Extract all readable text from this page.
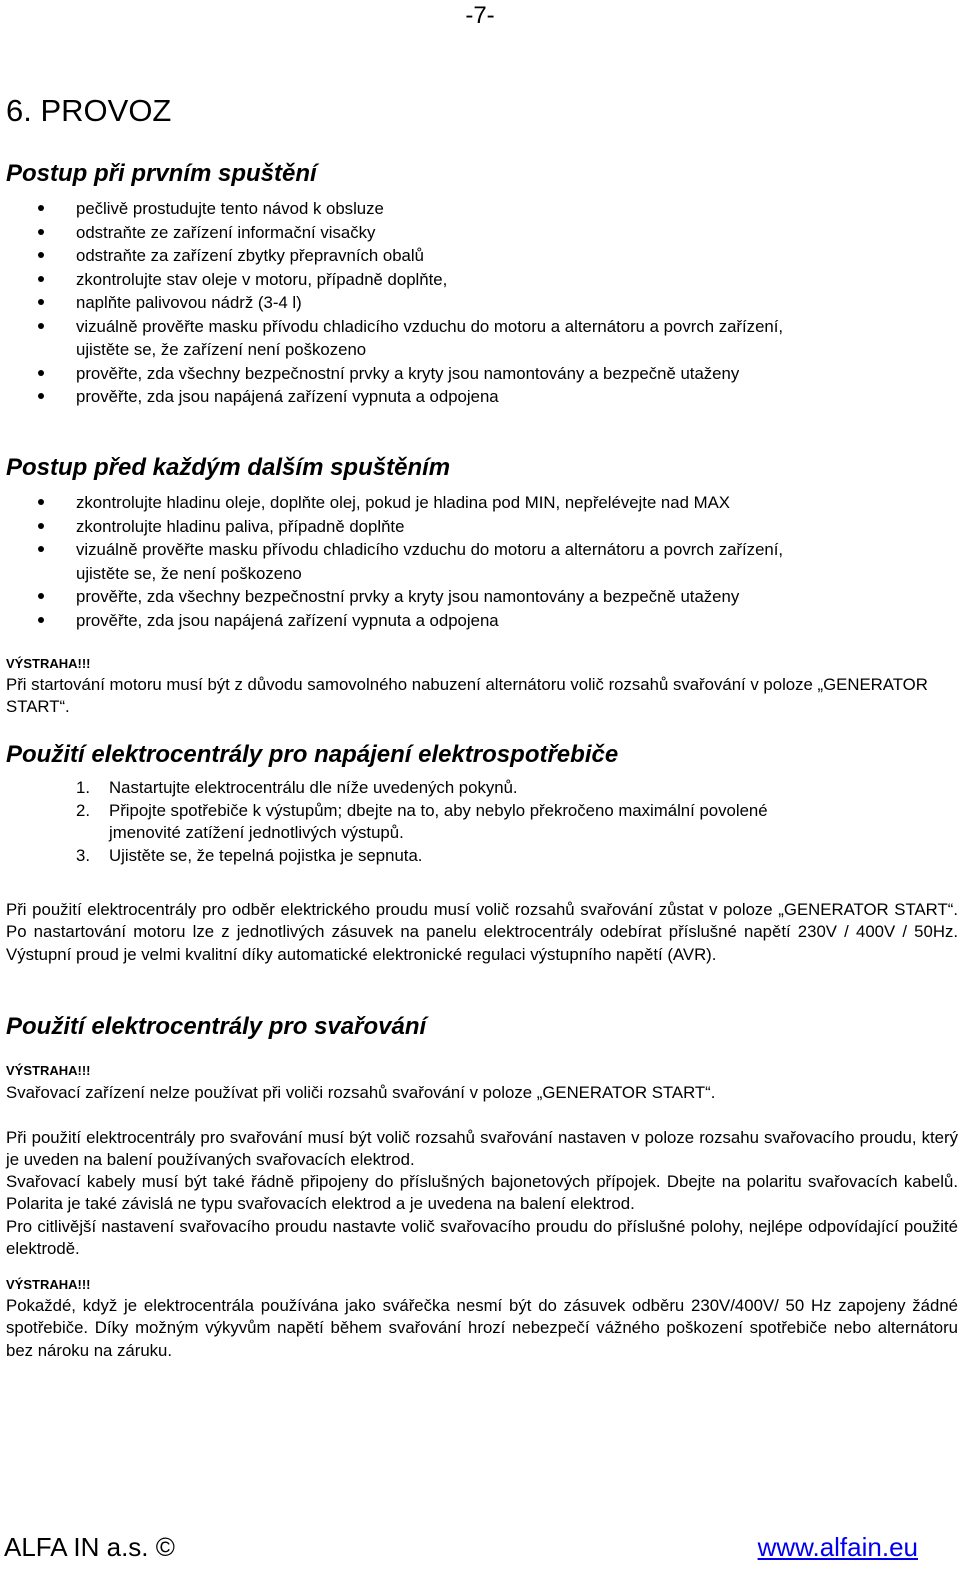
-7-
6. PROVOZ
Postup při prvním spuštění
pečlivě prostudujte tento návod k obsluze
odstraňte ze zařízení informační visačky
odstraňte za zařízení zbytky přepravních obalů
zkontrolujte stav oleje v motoru, případně doplňte,
naplňte palivovou nádrž (3-4 l)
vizuálně prověřte masku přívodu chladicího vzduchu do motoru a alternátoru a povrch zařízení,
ujistěte se, že zařízení není poškozeno
prověřte, zda všechny bezpečnostní prvky a kryty jsou namontovány a bezpečně utaženy
prověřte, zda jsou napájená zařízení vypnuta a odpojena
Postup před každým dalším spuštěním
zkontrolujte hladinu oleje, doplňte olej, pokud je hladina pod MIN, nepřelévejte nad MAX
zkontrolujte hladinu paliva, případně doplňte
vizuálně prověřte masku přívodu chladicího vzduchu do motoru a alternátoru a povrch zařízení,
ujistěte se, že není poškozeno
prověřte, zda všechny bezpečnostní prvky a kryty jsou namontovány a bezpečně utaženy
prověřte, zda jsou napájená zařízení vypnuta a odpojena
VÝSTRAHA!!!

Při startování motoru musí být z důvodu samovolného nabuzení alternátoru volič rozsahů svařování v poloze „GENERATOR START“.

Použití elektrocentrály pro napájení elektrospotřebiče
1. Nastartujte elektrocentrálu dle níže uvedených pokynů.
2. Připojte spotřebiče k výstupům; dbejte na to, aby nebylo překročeno maximální povolené
jmenovité zatížení jednotlivých výstupů.
3. Ujistěte se, že tepelná pojistka je sepnuta.

Při použití elektrocentrály pro odběr elektrického proudu musí volič rozsahů svařování zůstat v poloze „GENERATOR START“. Po nastartování motoru lze z jednotlivých zásuvek na panelu elektrocentrály odebírat příslušné napětí 230V / 400V / 50Hz. Výstupní proud je velmi kvalitní díky automatické elektronické regulaci výstupního napětí (AVR).

Použití elektrocentrály pro svařování
VÝSTRAHA!!!

Svařovací zařízení nelze používat při voliči rozsahů svařování v poloze „GENERATOR START“.

Při použití elektrocentrály pro svařování musí být volič rozsahů svařování nastaven v poloze rozsahu svařovacího proudu, který je uveden na balení používaných svařovacích elektrod.

Svařovací kabely musí být také řádně připojeny do příslušných bajonetových přípojek. Dbejte na polaritu svařovacích kabelů. Polarita je také závislá ne typu svařovacích elektrod a je uvedena na balení elektrod.

Pro citlivější nastavení svařovacího proudu nastavte volič svařovacího proudu do příslušné polohy, nejlépe odpovídající použité elektrodě.

VÝSTRAHA!!!

Pokaždé, když je elektrocentrála používána jako svářečka nesmí být do zásuvek odběru 230V/400V/ 50 Hz zapojeny žádné spotřebiče. Díky možným výkyvům napětí během svařování hrozí nebezpečí vážného poškození spotřebiče nebo alternátoru bez nároku na záruku.

ALFA IN a.s. ©	www.alfain.eu
